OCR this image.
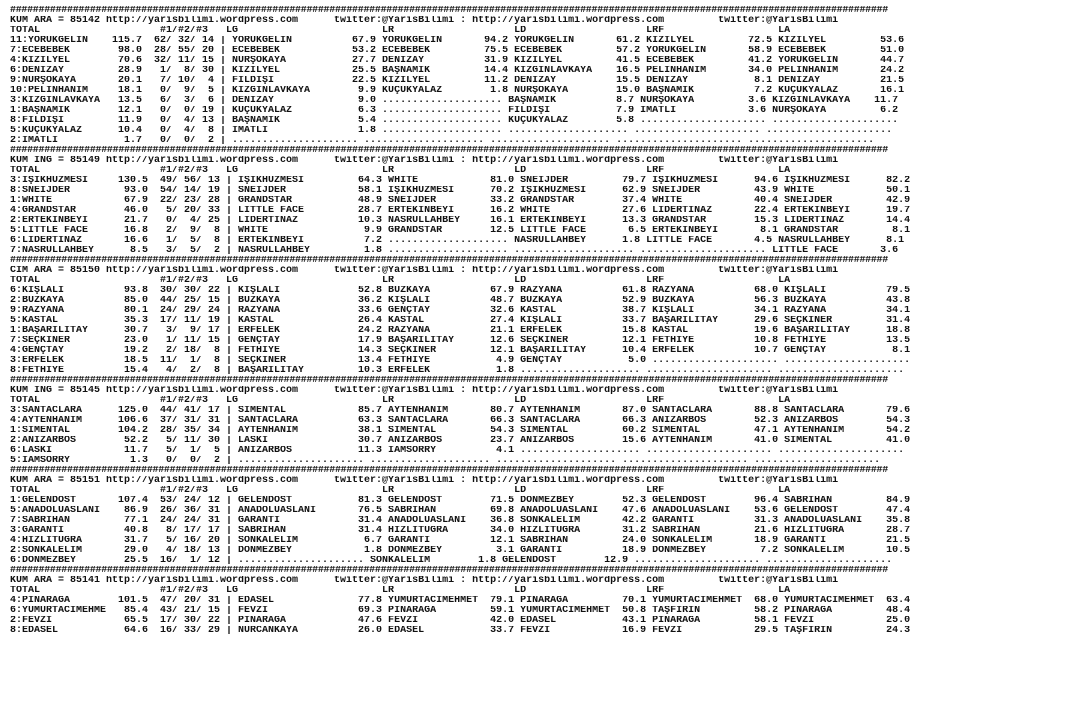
##########################################################################################################################################################
KUM ARA = 85142 http://yarisbilimi.wordpress.com      twitter:@YarisBilimi : http://yarisbilimi.wordpress.com         twitter:@YarisBilimi
TOTAL                    #1/#2/#3   LG                        LR                    LD                    LRF                   LA
11:YÖRÜKGELİN    115.7  62/ 32/ 14 | YÖRÜKGELİN          67.9 YÖRÜKGELİN       94.2 YÖRÜKGELİN       61.2 KIZILYEL         72.5 KIZILYEL         53.6
7:ECEBEBEK        98.0  28/ 55/ 20 | ECEBEBEK            53.2 ECEBEBEK         75.5 ECEBEBEK         57.2 YÖRÜKGELİN       58.9 ECEBEBEK         51.0
4:KIZILYEL        70.6  32/ 11/ 15 | NURŞOKAYA           27.7 DENİZAY          31.9 KIZILYEL         41.5 ECEBEBEK         41.2 YÖRÜKGELİN       44.7
6:DENİZAY         28.9   1/  8/ 30 | KIZILYEL            25.5 BAŞNAMIK         14.4 KIZGINLAVKAYA    16.5 PELİNHANIM       34.0 PELİNHANIM       24.2
9:NURŞOKAYA       20.1   7/ 10/  4 | FİLDİŞİ             22.5 KIZILYEL         11.2 DENİZAY          15.5 DENİZAY           8.1 DENİZAY          21.5
10:PELİNHANIM     18.1   0/  9/  5 | KIZGINLAVKAYA        9.9 KÜÇÜKYALAZ        1.8 NURŞOKAYA        15.0 BAŞNAMIK          7.2 KÜÇÜKYALAZ       16.1
3:KIZGINLAVKAYA   13.5   6/  3/  6 | DENİZAY              9.0 .................... BAŞNAMIK          8.7 NURŞOKAYA         3.6 KIZGINLAVKAYA    11.7
1:BAŞNAMIK        12.1   0/  0/ 19 | KÜÇÜKYALAZ           6.3 .................... FİLDİŞİ           7.9 İMATLI            3.6 NURŞOKAYA         6.2
8:FİLDİŞİ         11.9   0/  4/ 13 | BAŞNAMIK             5.4 .................... KÜÇÜKYALAZ        5.8 ..................... .....................
5:KÜÇÜKYALAZ      10.4   0/  4/  8 | İMATLI               1.8 .................... .................... ..................... .....................
2:İMATLI           1.7   0/  0/  2 | ..................... .................... .................... ..................... .....................
##########################################################################################################################################################
KUM ING = 85149 http://yarisbilimi.wordpress.com      twitter:@YarisBilimi : http://yarisbilimi.wordpress.com         twitter:@YarisBilimi
TOTAL                    #1/#2/#3   LG                        LR                    LD                    LRF                   LA
3:IŞIKHÜZMESİ     130.5  49/ 56/ 13 | IŞIKHÜZMESİ         64.3 WHITE            81.0 SNEIJDER         79.7 IŞIKHÜZMESİ      94.6 IŞIKHÜZMESİ      82.2
8:SNEIJDER         93.0  54/ 14/ 19 | SNEIJDER            58.1 IŞIKHÜZMESİ      70.2 IŞIKHÜZMESİ      62.9 SNEIJDER         43.9 WHITE            50.1
1:WHITE            67.9  22/ 23/ 28 | GRANDSTAR           48.9 SNEIJDER         33.2 GRANDSTAR        37.4 WHITE            40.4 SNEIJDER         42.9
4:GRANDSTAR        46.0   5/ 20/ 33 | LITTLE FACE         28.7 ERTEKİNBEYİ      16.2 WHITE            27.6 LİDERTINAZ       22.4 ERTEKİNBEYİ      19.7
2:ERTEKİNBEYİ      21.7   0/  4/ 25 | LİDERTINAZ          10.3 NASRULLAHBEY     16.1 ERTEKİNBEYİ      13.3 GRANDSTAR        15.3 LİDERTINAZ       14.4
5:LITTLE FACE      16.8   2/  9/  8 | WHITE                9.9 GRANDSTAR        12.5 LITTLE FACE       6.5 ERTEKİNBEYİ       8.1 GRANDSTAR         8.1
6:LİDERTINAZ       16.6   1/  5/  8 | ERTEKİNBEYİ          7.2 .................... NASRULLAHBEY      1.8 LITTLE FACE       4.5 NASRULLAHBEY      8.1
7:NASRULLAHBEY      8.5   3/  5/  2 | NASRULLAHBEY         1.8 .................... .................... ..................... LITTLE FACE       3.6
##########################################################################################################################################################
CIM ARA = 85150 http://yarisbilimi.wordpress.com      twitter:@YarisBilimi : http://yarisbilimi.wordpress.com         twitter:@YarisBilimi
TOTAL                    #1/#2/#3   LG                        LR                    LD                    LRF                   LA
6:KIŞLALI          93.8  30/ 30/ 22 | KIŞLALI             52.8 BUZKAYA          67.9 RAZYANA          61.8 RAZYANA          68.0 KIŞLALI          79.5
2:BUZKAYA          85.0  44/ 25/ 15 | BUZKAYA             36.2 KIŞLALI          48.7 BUZKAYA          52.9 BUZKAYA          56.3 BUZKAYA          43.8
9:RAZYANA          80.1  24/ 29/ 24 | RAZYANA             33.6 GENÇTAY          32.6 KASTAL           38.7 KIŞLALI          34.1 RAZYANA          34.1
5:KASTAL           35.3  17/ 11/ 19 | KASTAL              26.4 KASTAL           27.4 KIŞLALI          33.7 BAŞARILITAY      29.6 SEÇKİNER         31.4
1:BAŞARILITAY      30.7   3/  9/ 17 | ERFELEK             24.2 RAZYANA          21.1 ERFELEK          15.8 KASTAL           19.6 BAŞARILITAY      18.8
7:SEÇKİNER         23.0   1/ 11/ 15 | GENÇTAY             17.9 BAŞARILITAY      12.6 SEÇKİNER         12.1 FETHİYE          10.8 FETHİYE          13.5
4:GENÇTAY          19.2   2/ 18/  8 | FETHİYE             14.3 SEÇKİNER         12.1 BAŞARILITAY      10.4 ERFELEK          10.7 GENÇTAY           8.1
3:ERFELEK          18.5  11/  1/  8 | SEÇKİNER            13.4 FETHİYE           4.9 GENÇTAY           5.0 ..................... .....................
8:FETHİYE          15.4   4/  2/  8 | BAŞARILITAY         10.3 ERFELEK           1.8 .................... ..................... .....................
##########################################################################################################################################################
KUM ING = 85145 http://yarisbilimi.wordpress.com      twitter:@YarisBilimi : http://yarisbilimi.wordpress.com         twitter:@YarisBilimi
TOTAL                    #1/#2/#3   LG                        LR                    LD                    LRF                   LA
3:SANTACLARA      125.0  44/ 41/ 17 | SIMENTAL            85.7 AYTENHANIM       80.7 AYTENHANIM       87.0 SANTACLARA       88.8 SANTACLARA       79.6
4:AYTENHANIM      106.6  37/ 31/ 31 | SANTACLARA          63.3 SANTACLARA       66.3 SANTACLARA       66.3 ANIZARBOS        52.3 ANIZARBOS        54.3
1:SIMENTAL        104.2  28/ 35/ 34 | AYTENHANIM          38.1 SIMENTAL         54.3 SIMENTAL         60.2 SIMENTAL         47.1 AYTENHANIM       54.2
2:ANIZARBOS        52.2   5/ 11/ 30 | LASKI               30.7 ANIZARBOS        23.7 ANIZARBOS        15.6 AYTENHANIM       41.0 SIMENTAL         41.0
6:LASKI            11.7   5/  1/  5 | ANIZARBOS           11.3 IAMSORRY          4.1 .................... ..................... .....................
5:IAMSORRY          1.3   0/  0/  2 | ..................... .................... .................... ..................... .....................
##########################################################################################################################################################
KUM ARA = 85151 http://yarisbilimi.wordpress.com      twitter:@YarisBilimi : http://yarisbilimi.wordpress.com         twitter:@YarisBilimi
TOTAL                    #1/#2/#3   LG                        LR                    LD                    LRF                   LA
1:GELENDOST       107.4  53/ 24/ 12 | GELENDOST           81.3 GELENDOST        71.5 DÖNMEZBEY        52.3 GELENDOST        96.4 SABRİHAN         84.9
5:ANADOLUASLANI    86.9  26/ 36/ 31 | ANADOLUASLANI       76.5 SABRİHAN         69.8 ANADOLUASLANI    47.6 ANADOLUASLANI    53.6 GELENDOST        47.4
7:SABRİHAN         77.1  24/ 24/ 31 | GARANTİ             31.4 ANADOLUASLANI    36.8 SONKALELİM       42.2 GARANTİ          31.3 ANADOLUASLANI    35.8
3:GARANTİ          40.8   8/ 17/ 17 | SABRİHAN            31.4 HIZLITUĞRA       34.0 HIZLITUĞRA       31.2 SABRİHAN         21.6 HIZLITUĞRA       28.7
4:HIZLITUĞRA       31.7   5/ 16/ 20 | SONKALELİM           6.7 GARANTİ          12.1 SABRİHAN         24.0 SONKALELİM       18.9 GARANTİ          21.5
2:SONKALELİM       29.0   4/ 18/ 13 | DÖNMEZBEY            1.8 DÖNMEZBEY         3.1 GARANTİ          18.9 DÖNMEZBEY         7.2 SONKALELİM       10.5
6:DÖNMEZBEY        25.5  16/  1/ 12 | ..................... SONKALELİM        1.8 GELENDOST        12.9 ..................... .....................
##########################################################################################################################################################
KUM ARA = 85141 http://yarisbilimi.wordpress.com      twitter:@YarisBilimi : http://yarisbilimi.wordpress.com         twitter:@YarisBilimi
TOTAL                    #1/#2/#3   LG                        LR                    LD                    LRF                   LA
4:PINARAĞA        101.5  47/ 20/ 31 | EDASEL              77.8 YUMURTACIMEHMET  79.1 PINARAĞA         70.1 YUMURTACIMEHMET  68.0 YUMURTACIMEHMET  63.4
6:YUMURTACIMEHME   85.4  43/ 21/ 15 | FEVZİ               69.3 PINARAĞA         59.1 YUMURTACIMEHMET  50.8 TAŞFIRIN         58.2 PINARAĞA         48.4
2:FEVZİ            65.5  17/ 30/ 22 | PINARAĞA            47.6 FEVZİ            42.0 EDASEL           43.1 PINARAĞA         58.1 FEVZİ            25.0
8:EDASEL           64.6  16/ 33/ 29 | NURCANKAYA          26.0 EDASEL           33.7 FEVZİ            16.9 FEVZİ            29.5 TAŞFIRIN         24.3
